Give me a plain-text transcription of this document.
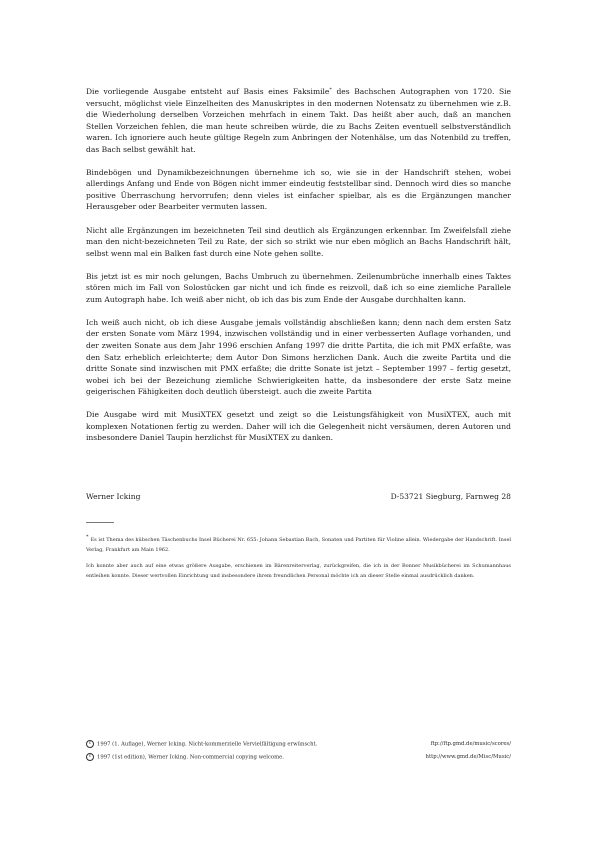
Die vorliegende Ausgabe entsteht auf Basis eines Faksimile* des Bachschen Autographen von 1720. Sie versucht, möglichst viele Einzelheiten des Manuskriptes in den modernen Notensatz zu übernehmen wie z.B. die Wiederholung derselben Vorzeichen mehrfach in einem Takt. Das heißt aber auch, daß an manchen Stellen Vorzeichen fehlen, die man heute schreiben würde, die zu Bachs Zeiten eventuell selbstverständlich waren. Ich ignoriere auch heute gültige Regeln zum Anbringen der Notenhälse, um das Notenbild zu treffen, das Bach selbst gewählt hat.

Bindebögen und Dynamikbezeichnungen übernehme ich so, wie sie in der Handschrift stehen, wobei allerdings Anfang und Ende von Bögen nicht immer eindeutig feststellbar sind. Dennoch wird dies so manche positive Überraschung hervorrufen; denn vieles ist einfacher spielbar, als es die Ergänzungen mancher Herausgeber oder Bearbeiter vermuten lassen.

Nicht alle Ergänzungen im bezeichneten Teil sind deutlich als Ergänzungen erkennbar. Im Zweifelsfall ziehe man den nicht-bezeichneten Teil zu Rate, der sich so strikt wie nur eben möglich an Bachs Handschrift hält, selbst wenn mal ein Balken fast durch eine Note gehen sollte.

Bis jetzt ist es mir noch gelungen, Bachs Umbruch zu übernehmen. Zeilenumbrüche innerhalb eines Taktes stören mich im Fall von Solostücken gar nicht und ich finde es reizvoll, daß ich so eine ziemliche Parallele zum Autograph habe. Ich weiß aber nicht, ob ich das bis zum Ende der Ausgabe durchhalten kann.

Ich weiß auch nicht, ob ich diese Ausgabe jemals vollständig abschließen kann; denn nach dem ersten Satz der ersten Sonate vom März 1994, inzwischen vollständig und in einer verbesserten Auflage vorhanden, und der zweiten Sonate aus dem Jahr 1996 erschien Anfang 1997 die dritte Partita, die ich mit PMX erfaßte, was den Satz erheblich erleichterte; dem Autor Don Simons herzlichen Dank. Auch die zweite Partita und die dritte Sonate sind inzwischen mit PMX erfaßte; die dritte Sonate ist jetzt – September 1997 – fertig gesetzt, wobei ich bei der Bezeichung ziemliche Schwierigkeiten hatte, da insbesondere der erste Satz meine geigerischen Fähigkeiten doch deutlich übersteigt. auch die zweite Partita

Die Ausgabe wird mit MusiXTEX gesetzt und zeigt so die Leistungsfähigkeit von MusiXTEX, auch mit komplexen Notationen fertig zu werden. Daher will ich die Gelegenheit nicht versäumen, deren Autoren und insbesondere Daniel Taupin herzlichst für MusiXTEX zu danken.

Werner Icking	D-53721 Siegburg, Farnweg 28

* Es ist Thema des kübschen Täschenbuchs Insel Bücherei Nr. 655: Johann Sebastian Bach, Sonaten und Partiten für Violine allein. Wiedergabe der Handschrift. Insel Verlag, Frankfurt am Main 1962.

Ich konnte aber auch auf eine etwas größere Ausgabe, erschienen im Bärenreiterverlag, zurückgreifen, die ich in der Bonner Musikbücherei im Schumannhaus entleihen konnte. Dieser wertvollen Einrichtung und insbesondere ihrem freundlichen Personal möchte ich an dieser Stelle einmal ausdrücklich danken.

c 1997 (1. Auflage), Werner Icking. Nicht-kommerzielle Vervielfältigung erwünscht.	ftp://ftp.gmd.de/music/scores/
c 1997 (1st edition), Werner Icking. Non-commercial copying welcome.	http://www.gmd.de/Misc/Music/
